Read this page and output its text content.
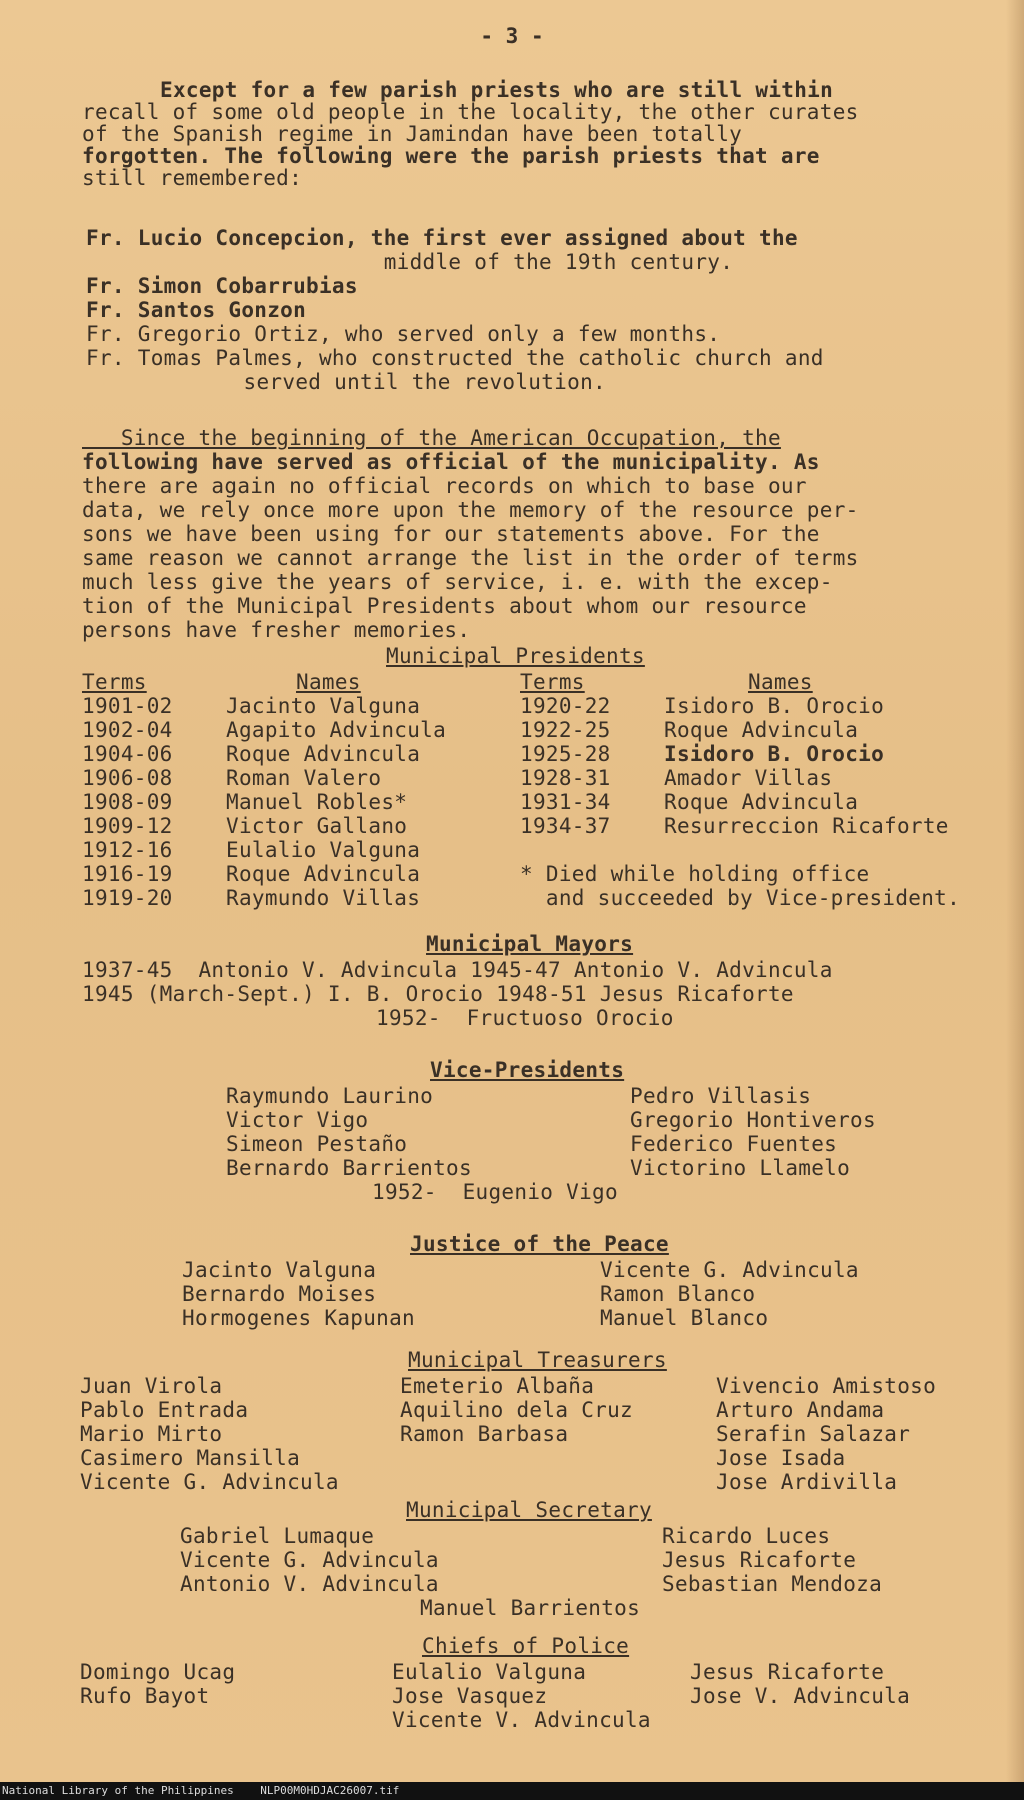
- 3 -
Except for a few parish priests who are still within
recall of some old people in the locality, the other curates
of the Spanish regime in Jamindan have been totally
forgotten. The following were the parish priests that are
still remembered:
Fr. Lucio Concepcion, the first ever assigned about the
middle of the 19th century.
Fr. Simon Cobarrubias
Fr. Santos Gonzon
Fr. Gregorio Ortiz, who served only a few months.
Fr. Tomas Palmes, who constructed the catholic church and
served until the revolution.
Since the beginning of the American Occupation, the
following have served as official of the municipality. As
there are again no official records on which to base our
data, we rely once more upon the memory of the resource per-
sons we have been using for our statements above. For the
same reason we cannot arrange the list in the order of terms
much less give the years of service, i. e. with the excep-
tion of the Municipal Presidents about whom our resource
persons have fresher memories.
Municipal Presidents
Terms	Names	Terms	Names
1901-02	Jacinto Valguna
1902-04	Agapito Advincula
1904-06	Roque Advincula
1906-08	Roman Valero
1908-09	Manuel Robles*
1909-12	Victor Gallano
1912-16	Eulalio Valguna
1916-19	Roque Advincula
1919-20	Raymundo Villas
1920-22	Isidoro B. Orocio
1922-25	Roque Advincula
1925-28	Isidoro B. Orocio
1928-31	Amador Villas
1931-34	Roque Advincula
1934-37	Resurreccion Ricaforte
* Died while holding office
and succeeded by Vice-president.
Municipal Mayors
1937-45  Antonio V. Advincula 1945-47 Antonio V. Advincula
1945 (March-Sept.) I. B. Orocio 1948-51 Jesus Ricaforte
1952-  Fructuoso Orocio
Vice-Presidents
Raymundo Laurino
Victor Vigo
Simeon Pestaño
Bernardo Barrientos
Pedro Villasis
Gregorio Hontiveros
Federico Fuentes
Victorino Llamelo
1952-  Eugenio Vigo
Justice of the Peace
Jacinto Valguna
Bernardo Moises
Hormogenes Kapunan
Vicente G. Advincula
Ramon Blanco
Manuel Blanco
Municipal Treasurers
Juan Virola
Pablo Entrada
Mario Mirto
Casimero Mansilla
Vicente G. Advincula
Emeterio Albaña
Aquilino dela Cruz
Ramon Barbasa
Vivencio Amistoso
Arturo Andama
Serafin Salazar
Jose Isada
Jose Ardivilla
Municipal Secretary
Gabriel Lumaque
Vicente G. Advincula
Antonio V. Advincula
Ricardo Luces
Jesus Ricaforte
Sebastian Mendoza
Manuel Barrientos
Chiefs of Police
Domingo Ucag
Rufo Bayot
Eulalio Valguna
Jose Vasquez
Vicente V. Advincula
Jesus Ricaforte
Jose V. Advincula
National Library of the Philippines    NLP00M0HDJAC26007.tif
